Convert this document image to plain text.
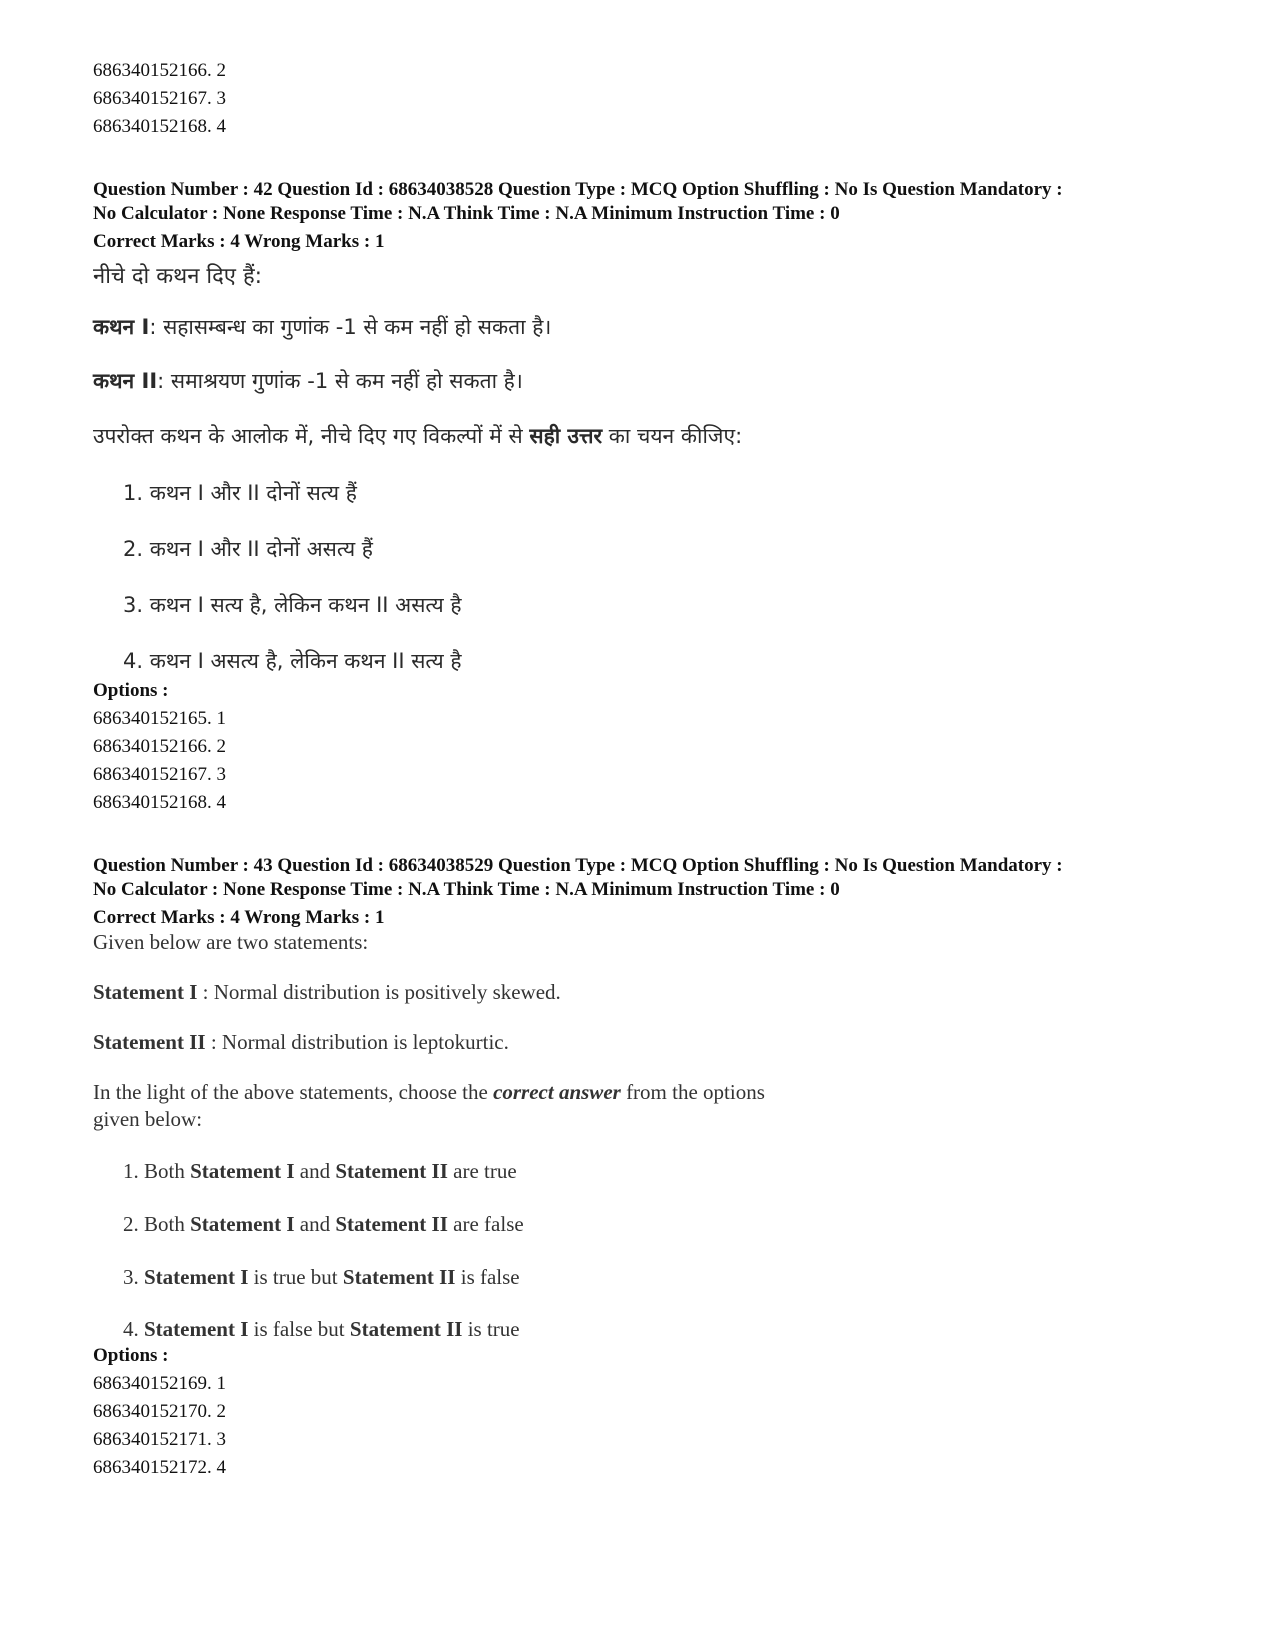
686340152166. 2
686340152167. 3
686340152168. 4
Question Number : 42 Question Id : 68634038528 Question Type : MCQ Option Shuffling : No Is Question Mandatory :
No Calculator : None Response Time : N.A Think Time : N.A Minimum Instruction Time : 0
Correct Marks : 4 Wrong Marks : 1
नीचे दो कथन दिए हैं:
कथन I: सहासम्बन्ध का गुणांक -1 से कम नहीं हो सकता है।
कथन II: समाश्रयण गुणांक -1 से कम नहीं हो सकता है।
उपरोक्त कथन के आलोक में, नीचे दिए गए विकल्पों में से सही उत्तर का चयन कीजिए:
1. कथन I और II दोनों सत्य हैं
2. कथन I और II दोनों असत्य हैं
3. कथन I सत्य है, लेकिन कथन II असत्य है
4. कथन I असत्य है, लेकिन कथन II सत्य है
Options :
686340152165. 1
686340152166. 2
686340152167. 3
686340152168. 4
Question Number : 43 Question Id : 68634038529 Question Type : MCQ Option Shuffling : No Is Question Mandatory :
No Calculator : None Response Time : N.A Think Time : N.A Minimum Instruction Time : 0
Correct Marks : 4 Wrong Marks : 1
Given below are two statements:
Statement I : Normal distribution is positively skewed.
Statement II : Normal distribution is leptokurtic.
In the light of the above statements, choose the correct answer from the options
given below:
1. Both Statement I and Statement II are true
2. Both Statement I and Statement II are false
3. Statement I is true but Statement II is false
4. Statement I is false but Statement II is true
Options :
686340152169. 1
686340152170. 2
686340152171. 3
686340152172. 4
